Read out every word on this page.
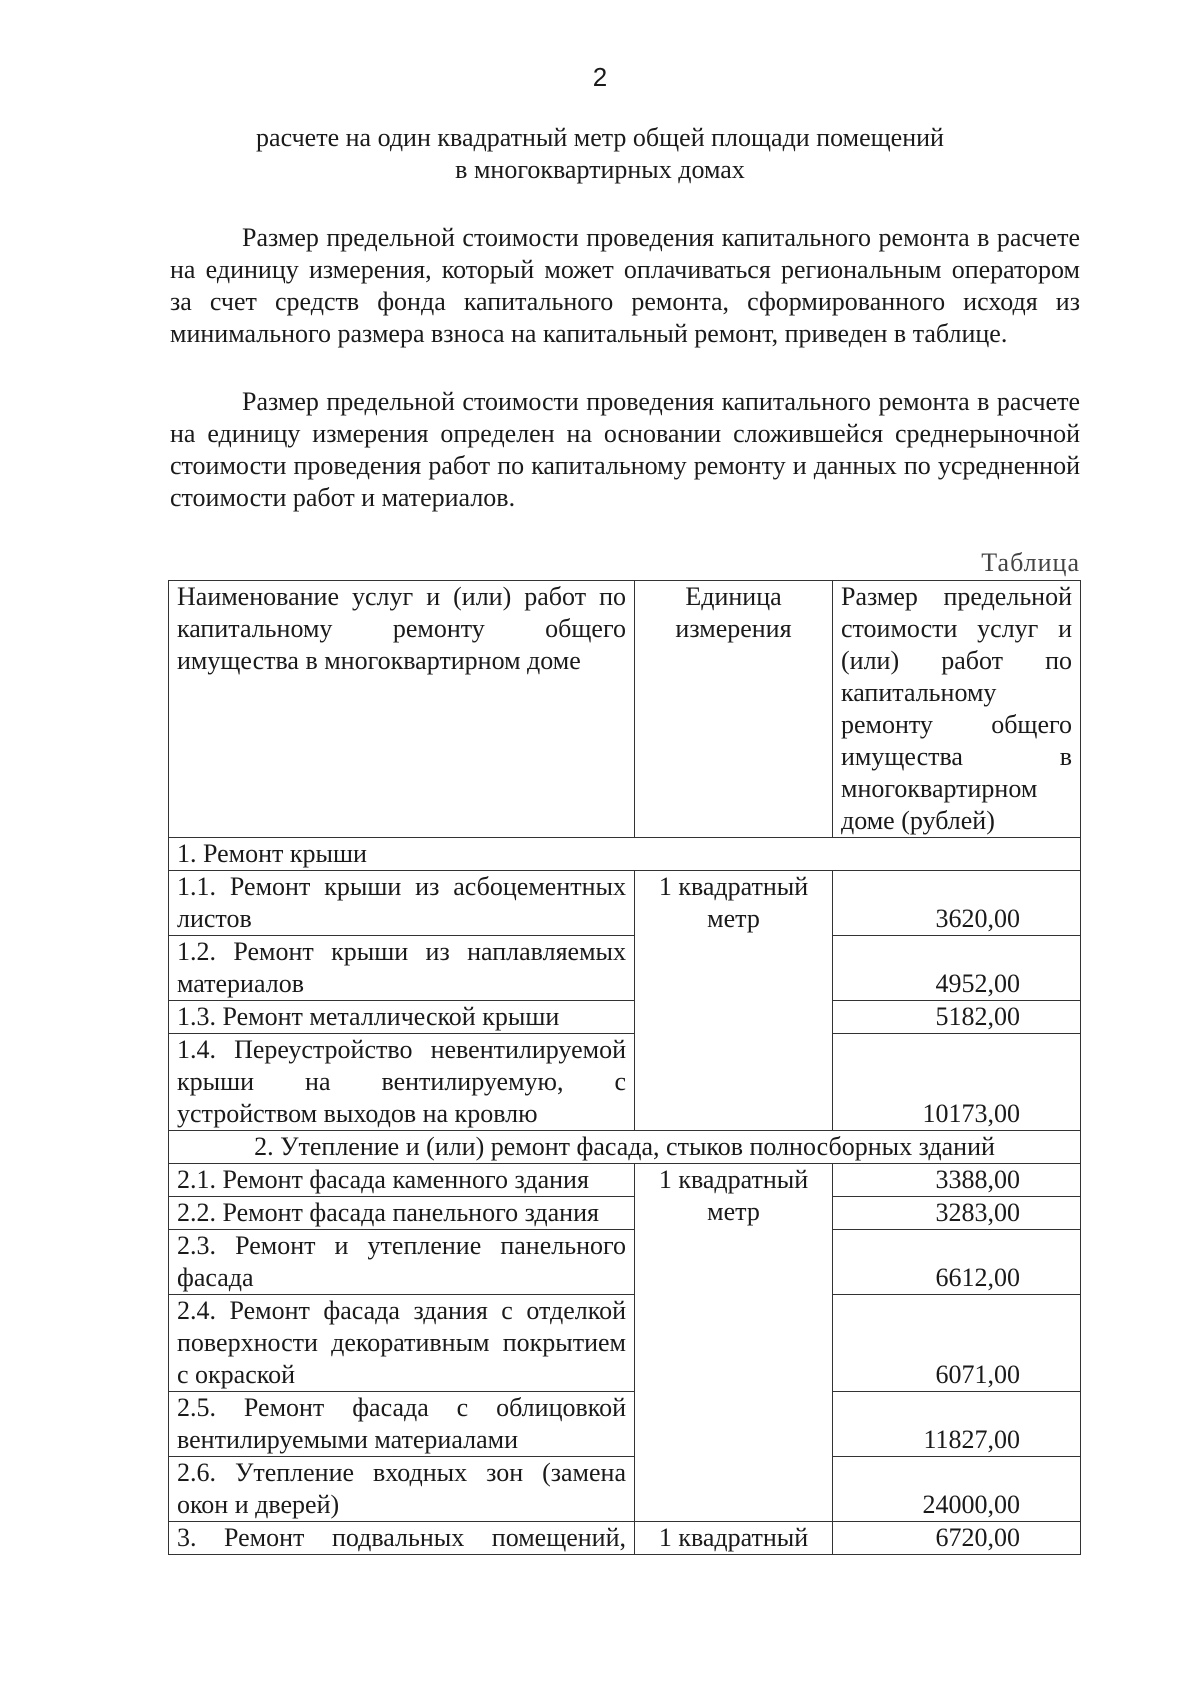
2
расчете на один квадратный метр общей площади помещений
в многоквартирных домах

Размер предельной стоимости проведения капитального ремонта в расчете на единицу измерения, который может оплачиваться региональным оператором за счет средств фонда капитального ремонта, сформированного исходя из минимального размера взноса на капитальный ремонт, приведен в таблице.

Размер предельной стоимости проведения капитального ремонта в расчете на единицу измерения определен на основании сложившейся среднерыночной стоимости проведения работ по капитальному ремонту и данных по усредненной стоимости работ и материалов.

Таблица
Наименование услуг и (или) работ по капитальному ремонту общего имущества в многоквартирном доме	Единица измерения	Размер предельной стоимости услуг и (или) работ по капитальному ремонту общего имущества в многоквартирном доме (рублей)
1. Ремонт крыши		
1.1. Ремонт крыши из асбоцементных листов	1 квадратный метр	3620,00
1.2. Ремонт крыши из наплавляемых материалов		4952,00
1.3. Ремонт металлической крыши		5182,00
1.4. Переустройство невентилируемой крыши на вентилируемую, с устройством выходов на кровлю		10173,00
2. Утепление и (или) ремонт фасада, стыков полносборных зданий		
2.1. Ремонт фасада каменного здания	1 квадратный метр	3388,00
2.2. Ремонт фасада панельного здания		3283,00
2.3. Ремонт и утепление панельного фасада		6612,00
2.4. Ремонт фасада здания с отделкой поверхности декоративным покрытием с окраской		6071,00
2.5. Ремонт фасада с облицовкой вентилируемыми материалами		11827,00
2.6. Утепление входных зон (замена окон и дверей)		24000,00
3. Ремонт подвальных помещений,	1 квадратный	6720,00
